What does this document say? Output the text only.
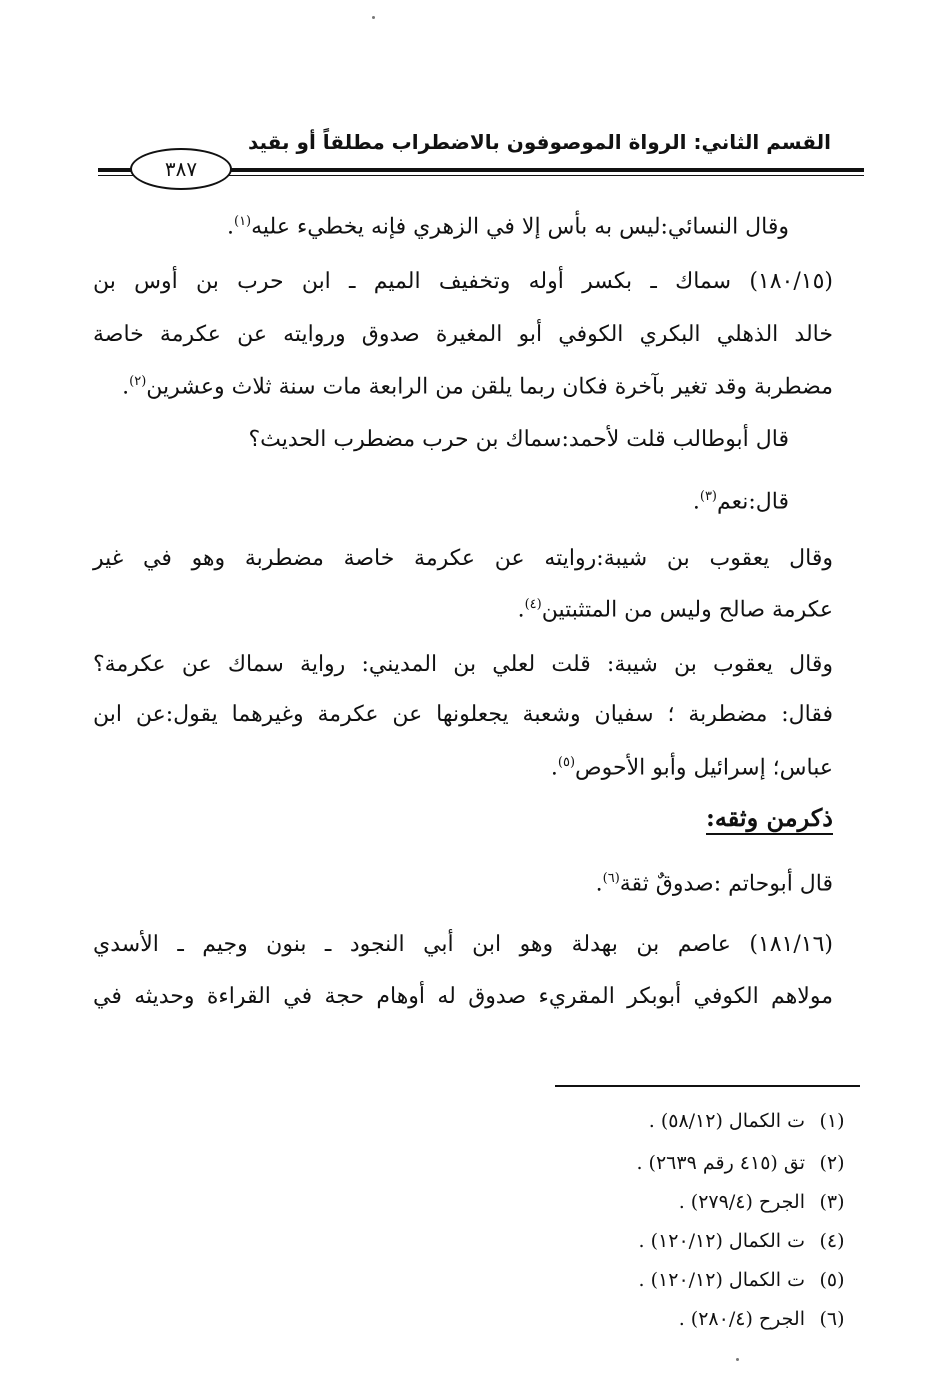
القسم الثاني: الرواة الموصوفون بالاضطراب مطلقاً أو بقيد
٣٨٧
وقال النسائي:ليس به بأس إلا في الزهري فإنه يخطيء عليه$^{(١)}$.
(١٨٠/١٥) سماك ـ بكسر أوله وتخفيف الميم ـ ابن حرب بن أوس بن
خالد الذهلي البكري الكوفي أبو المغيرة صدوق وروايته عن عكرمة خاصة
مضطربة وقد تغير بآخرة فكان ربما يلقن من الرابعة مات سنة ثلاث وعشرين$^{(٢)}$.
قال أبوطالب قلت لأحمد:سماك بن حرب مضطرب الحديث؟
قال:نعم$^{(٣)}$.
وقال يعقوب بن شيبة:روايته عن عكرمة خاصة مضطربة وهو في غير
عكرمة صالح وليس من المتثبتين$^{(٤)}$.
وقال يعقوب بن شيبة: قلت لعلي بن المديني: رواية سماك عن عكرمة؟
فقال: مضطربة ؛ سفيان وشعبة يجعلونها عن عكرمة وغيرهما يقول:عن ابن
عباس؛ إسرائيل وأبو الأحوص$^{(٥)}$.
ذكرمن وثقه:
قال أبوحاتم :صدوقٌ ثقة$^{(٦)}$.
(١٨١/١٦) عاصم بن بهدلة وهو ابن أبي النجود ـ بنون وجيم ـ الأسدي
مولاهم الكوفي أبوبكر المقريء صدوق له أوهام حجة في القراءة وحديثه في
(١)ت الكمال (٥٨/١٢) .
(٢)تق (٤١٥ رقم ٢٦٣٩) .
(٣)الجرح (٢٧٩/٤) .
(٤)ت الكمال (١٢٠/١٢) .
(٥)ت الكمال (١٢٠/١٢) .
(٦)الجرح (٢٨٠/٤) .
